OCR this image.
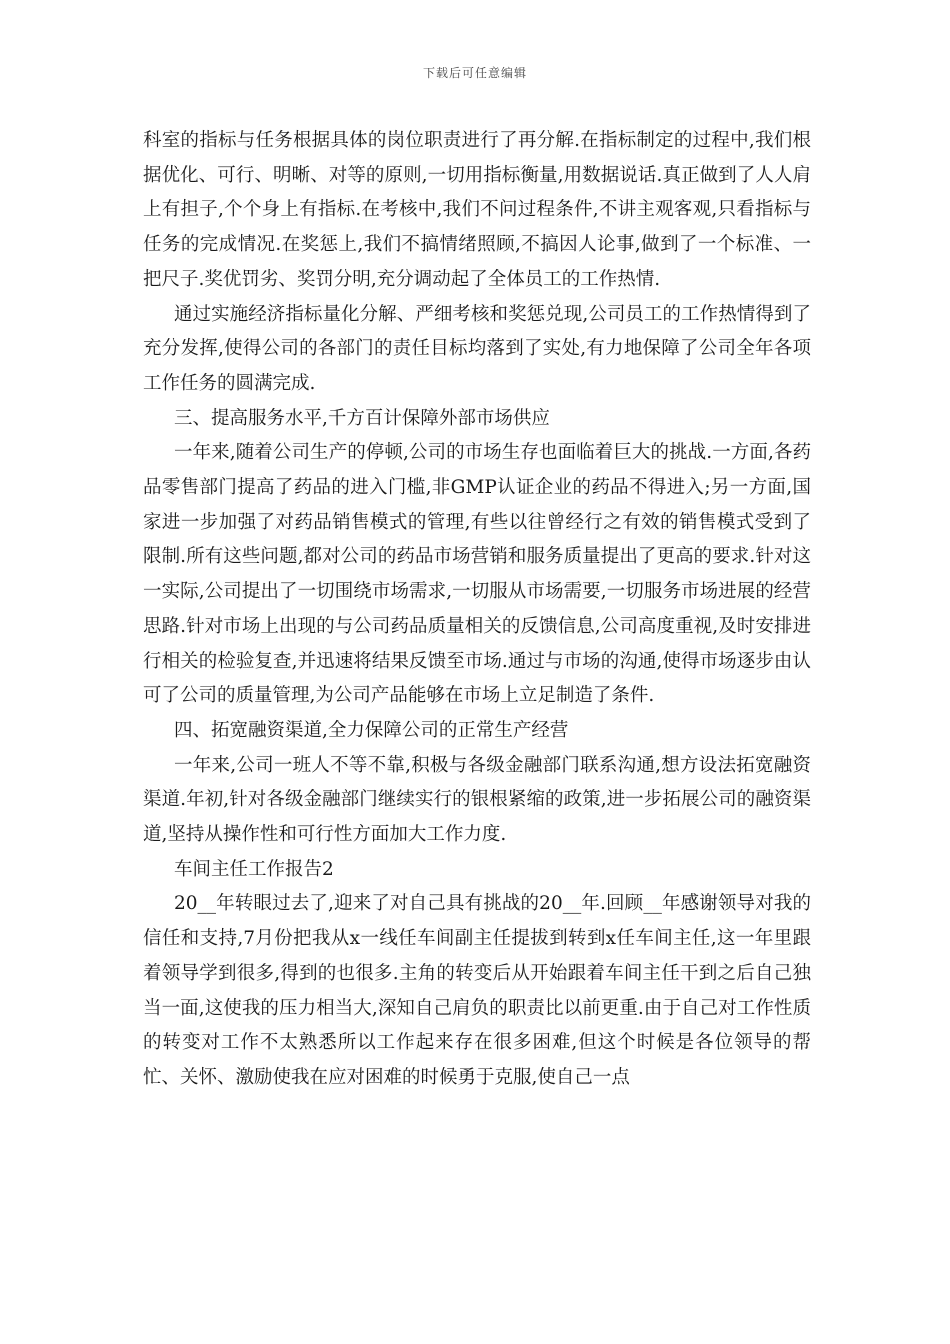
下载后可任意编辑

科室的指标与任务根据具体的岗位职责进行了再分解.在指标制定的过程中,我们根据优化、可行、明晰、对等的原则,一切用指标衡量,用数据说话.真正做到了人人肩上有担子,个个身上有指标.在考核中,我们不问过程条件,不讲主观客观,只看指标与任务的完成情况.在奖惩上,我们不搞情绪照顾,不搞因人论事,做到了一个标准、一把尺子.奖优罚劣、奖罚分明,充分调动起了全体员工的工作热情.

通过实施经济指标量化分解、严细考核和奖惩兑现,公司员工的工作热情得到了充分发挥,使得公司的各部门的责任目标均落到了实处,有力地保障了公司全年各项工作任务的圆满完成.

三、提高服务水平,千方百计保障外部市场供应

一年来,随着公司生产的停顿,公司的市场生存也面临着巨大的挑战.一方面,各药品零售部门提高了药品的进入门槛,非GMP认证企业的药品不得进入;另一方面,国家进一步加强了对药品销售模式的管理,有些以往曾经行之有效的销售模式受到了限制.所有这些问题,都对公司的药品市场营销和服务质量提出了更高的要求.针对这一实际,公司提出了一切围绕市场需求,一切服从市场需要,一切服务市场进展的经营思路.针对市场上出现的与公司药品质量相关的反馈信息,公司高度重视,及时安排进行相关的检验复查,并迅速将结果反馈至市场.通过与市场的沟通,使得市场逐步由认可了公司的质量管理,为公司产品能够在市场上立足制造了条件.

四、拓宽融资渠道,全力保障公司的正常生产经营

一年来,公司一班人不等不靠,积极与各级金融部门联系沟通,想方设法拓宽融资渠道.年初,针对各级金融部门继续实行的银根紧缩的政策,进一步拓展公司的融资渠道,坚持从操作性和可行性方面加大工作力度.

车间主任工作报告2

20__年转眼过去了,迎来了对自己具有挑战的20__年.回顾__年感谢领导对我的信任和支持,7月份把我从x一线任车间副主任提拔到转到x任车间主任,这一年里跟着领导学到很多,得到的也很多.主角的转变后从开始跟着车间主任干到之后自己独当一面,这使我的压力相当大,深知自己肩负的职责比以前更重.由于自己对工作性质的转变对工作不太熟悉所以工作起来存在很多困难,但这个时候是各位领导的帮忙、关怀、激励使我在应对困难的时候勇于克服,使自己一点
